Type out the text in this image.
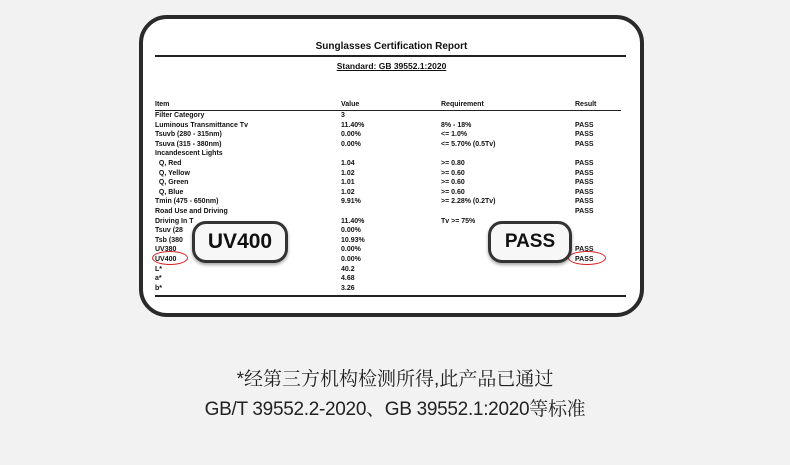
Sunglasses Certification Report
Standard: GB 39552.1:2020
Item	Value	Requirement	Result
Filter Category	3		
Luminous Transmittance Tv	11.40%	8% - 18%	PASS
Tsuvb (280 - 315nm)	0.00%	<= 1.0%	PASS
Tsuva (315 - 380nm)	0.00%	<= 5.70% (0.5Tv)	PASS
Incandescent Lights			
Q, Red	1.04	>= 0.80	PASS
Q, Yellow	1.02	>= 0.60	PASS
Q, Green	1.01	>= 0.60	PASS
Q, Blue	1.02	>= 0.60	PASS
Tmin (475 - 650nm)	9.91%	>= 2.28% (0.2Tv)	PASS
Road Use and Driving			PASS
Driving In T	11.40%	Tv >= 75%	
Tsuv (28	0.00%		
Tsb (380	10.93%		
UV380	0.00%		PASS
UV400	0.00%		PASS
L*	40.2		
a*	4.68		
b*	3.26		
UV400	PASS
*经第三方机构检测所得,此产品已通过
GB/T 39552.2-2020、GB 39552.1:2020等标准
